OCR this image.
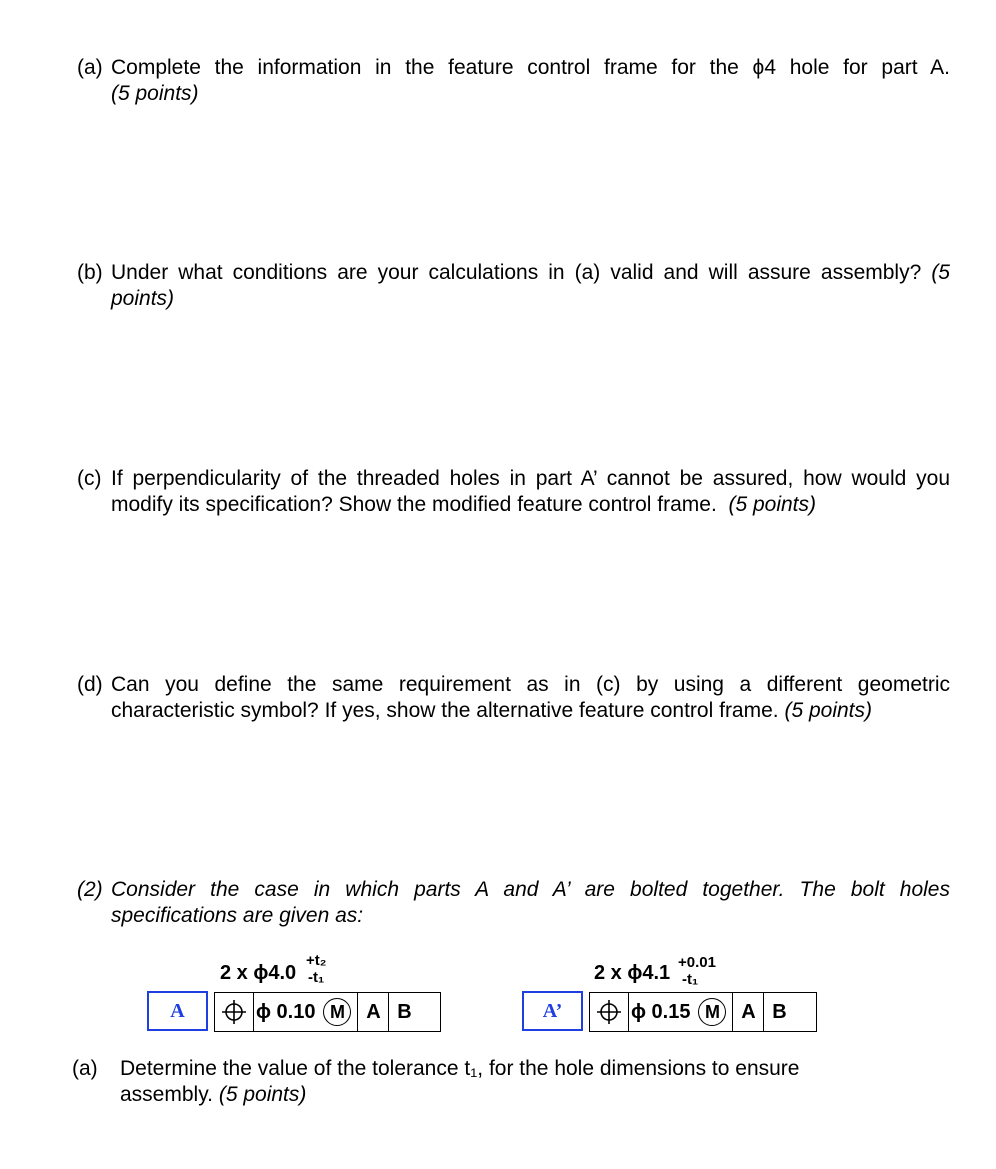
(a) Complete the information in the feature control frame for the ϕ4 hole for part A.
(5 points)
(b) Under what conditions are your calculations in (a) valid and will assure assembly? (5 points)
(c) If perpendicularity of the threaded holes in part A’ cannot be assured, how would you modify its specification? Show the modified feature control frame. (5 points)
(d) Can you define the same requirement as in (c) by using a different geometric characteristic symbol? If yes, show the alternative feature control frame. (5 points)
(2) Consider the case in which parts A and A’ are bolted together. The bolt holes specifications are given as:
2 x ϕ4.0
+t₂
-t₁
A	ϕ 0.10 M	A B
2 x ϕ4.1 +0.01
-t₁
A’	ϕ 0.15 M	A B
(a) Determine the value of the tolerance t₁, for the hole dimensions to ensure assembly. (5 points)
